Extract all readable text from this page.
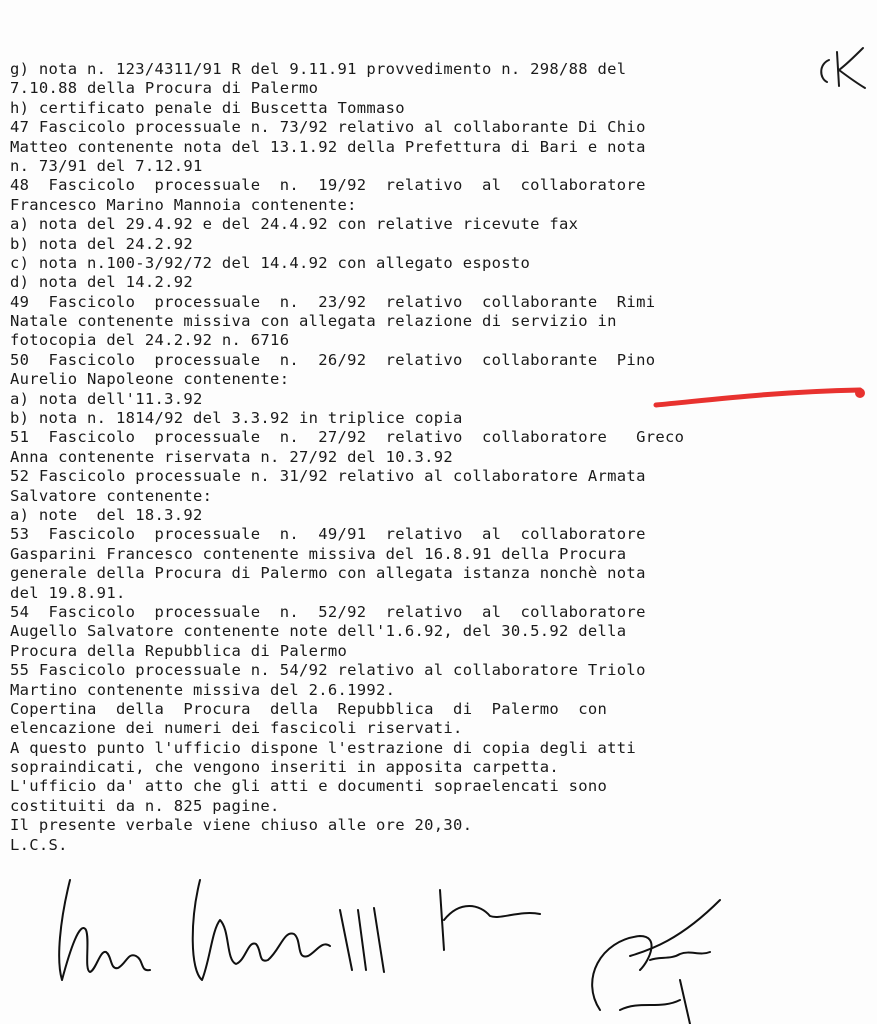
g) nota n. 123/4311/91 R del 9.11.91 provvedimento n. 298/88 del
7.10.88 della Procura di Palermo
h) certificato penale di Buscetta Tommaso
47 Fascicolo processuale n. 73/92 relativo al collaborante Di Chio
Matteo contenente nota del 13.1.92 della Prefettura di Bari e nota
n. 73/91 del 7.12.91
48  Fascicolo  processuale  n.  19/92  relativo  al  collaboratore
Francesco Marino Mannoia contenente:
a) nota del 29.4.92 e del 24.4.92 con relative ricevute fax
b) nota del 24.2.92
c) nota n.100-3/92/72 del 14.4.92 con allegato esposto
d) nota del 14.2.92
49  Fascicolo  processuale  n.  23/92  relativo  collaborante  Rimi
Natale contenente missiva con allegata relazione di servizio in
fotocopia del 24.2.92 n. 6716
50  Fascicolo  processuale  n.  26/92  relativo  collaborante  Pino
Aurelio Napoleone contenente:
a) nota dell'11.3.92
b) nota n. 1814/92 del 3.3.92 in triplice copia
51  Fascicolo  processuale  n.  27/92  relativo  collaboratore   Greco
Anna contenente riservata n. 27/92 del 10.3.92
52 Fascicolo processuale n. 31/92 relativo al collaboratore Armata
Salvatore contenente:
a) note  del 18.3.92
53  Fascicolo  processuale  n.  49/91  relativo  al  collaboratore
Gasparini Francesco contenente missiva del 16.8.91 della Procura
generale della Procura di Palermo con allegata istanza nonchè nota
del 19.8.91.
54  Fascicolo  processuale  n.  52/92  relativo  al  collaboratore
Augello Salvatore contenente note dell'1.6.92, del 30.5.92 della
Procura della Repubblica di Palermo
55 Fascicolo processuale n. 54/92 relativo al collaboratore Triolo
Martino contenente missiva del 2.6.1992.
Copertina  della  Procura  della  Repubblica  di  Palermo  con
elencazione dei numeri dei fascicoli riservati.
A questo punto l'ufficio dispone l'estrazione di copia degli atti
sopraindicati, che vengono inseriti in apposita carpetta.
L'ufficio da' atto che gli atti e documenti sopraelencati sono
costituiti da n. 825 pagine.
Il presente verbale viene chiuso alle ore 20,30.
L.C.S.
